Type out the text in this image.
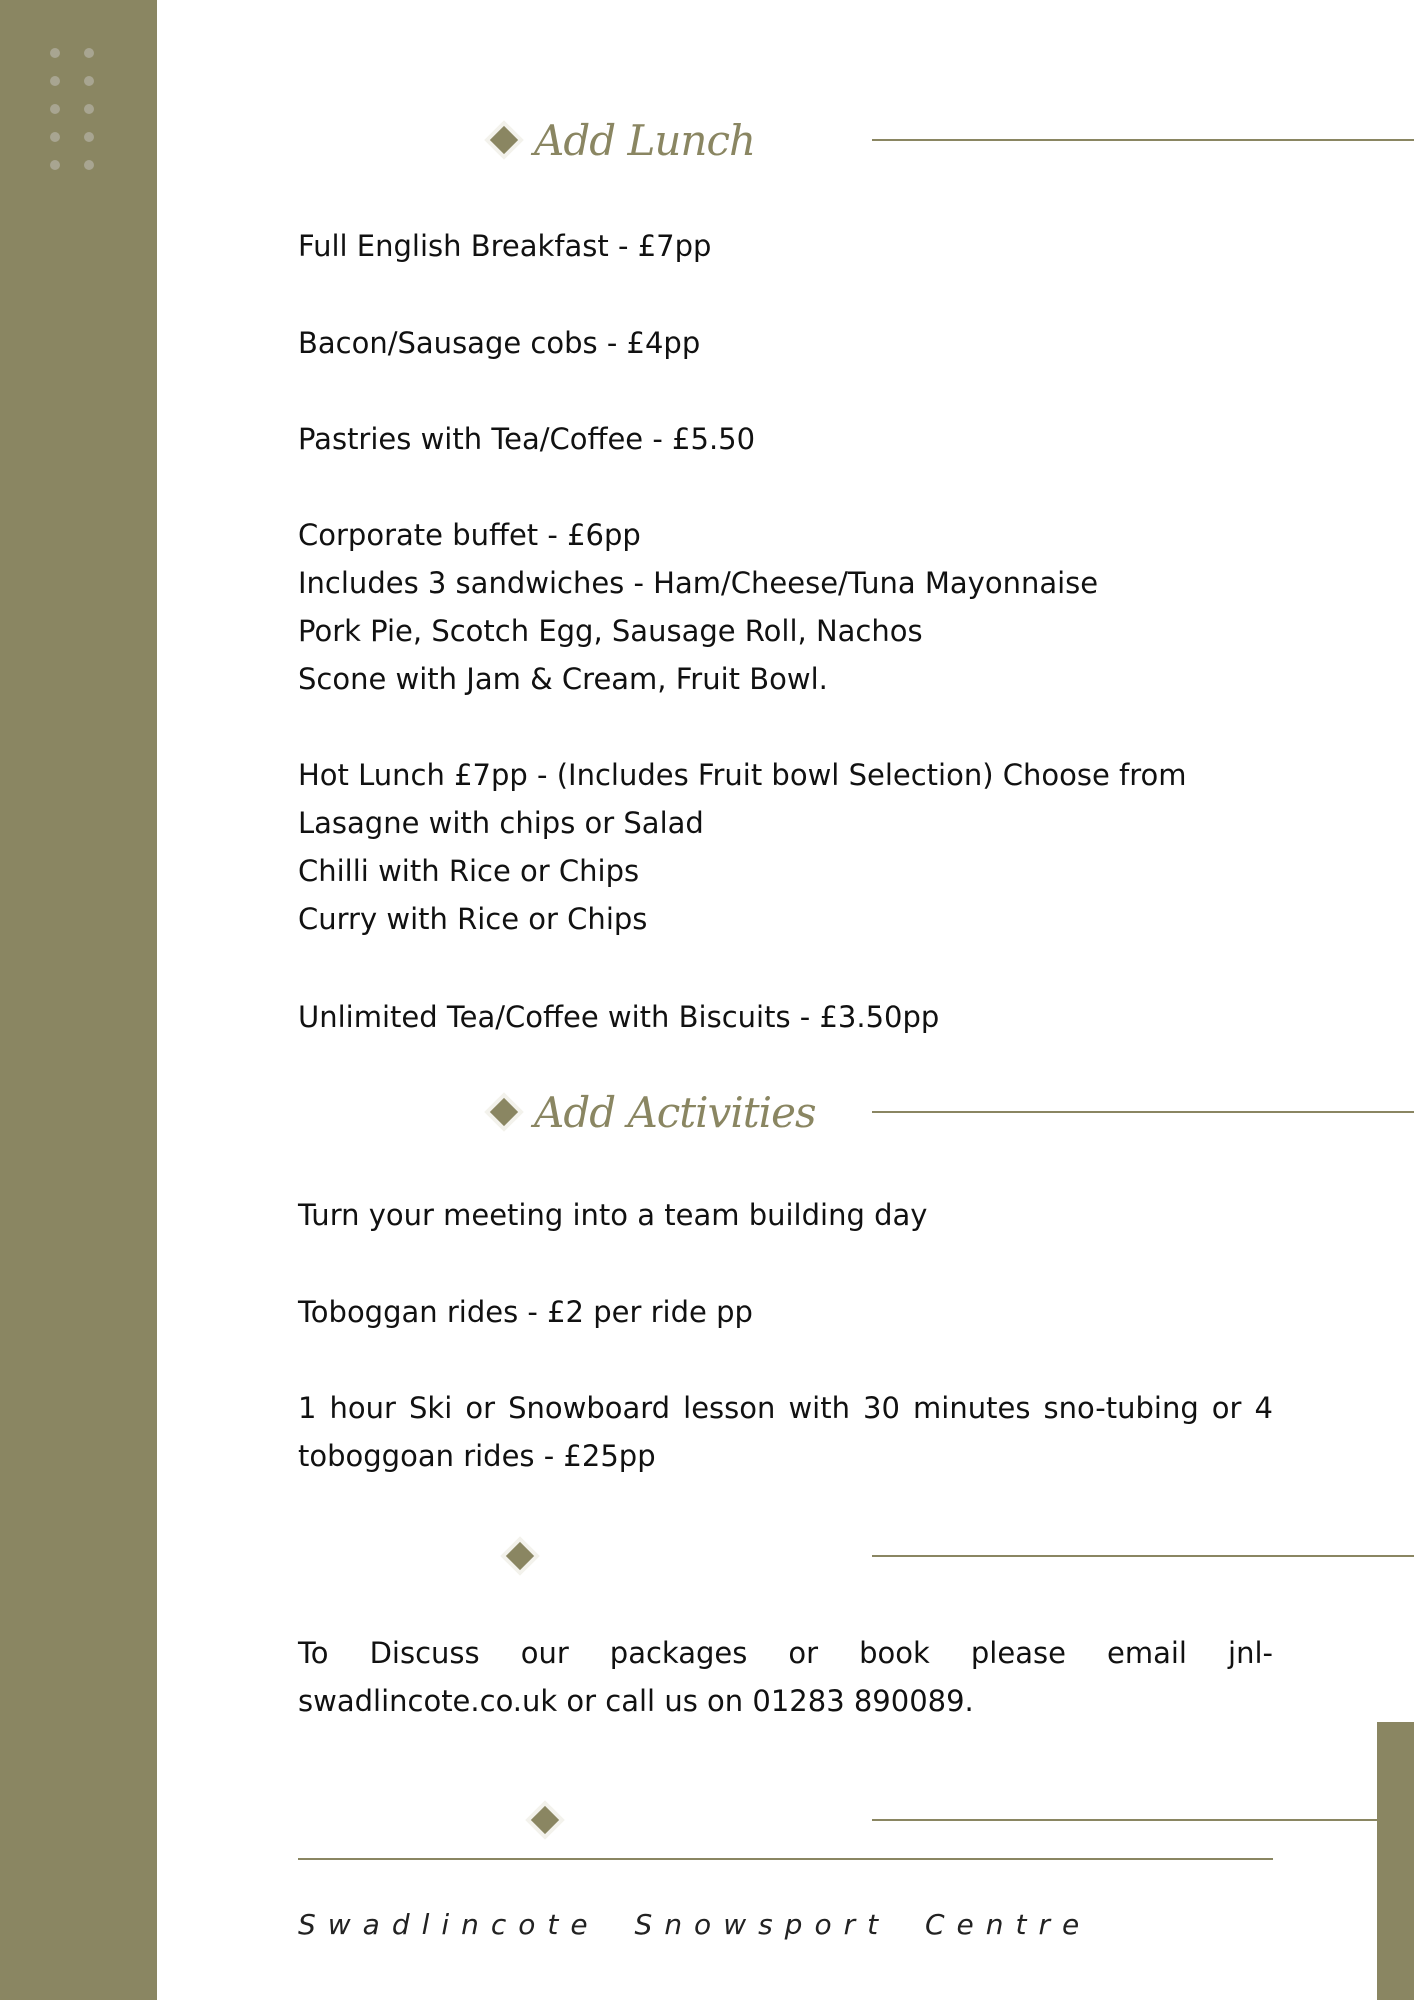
Add Lunch
Full English Breakfast - £7pp
Bacon/Sausage cobs - £4pp
Pastries with Tea/Coffee - £5.50

Corporate buffet - £6pp

Includes 3 sandwiches - Ham/Cheese/Tuna Mayonnaise

Pork Pie, Scotch Egg, Sausage Roll, Nachos

Scone with Jam & Cream, Fruit Bowl.

Hot Lunch £7pp - (Includes Fruit bowl Selection) Choose from

Lasagne with chips or Salad

Chilli with Rice or Chips

Curry with Rice or Chips

Unlimited Tea/Coffee with Biscuits - £3.50pp
Add Activities
Turn your meeting into a team building day
Toboggan rides - £2 per ride pp
1 hour Ski or Snowboard lesson with 30 minutes sno-tubing or 4 toboggoan rides - £25pp
To Discuss our packages or book please email jnl-swadlincote.co.uk or call us on 01283 890089.
Swadlincote Snowsport Centre
